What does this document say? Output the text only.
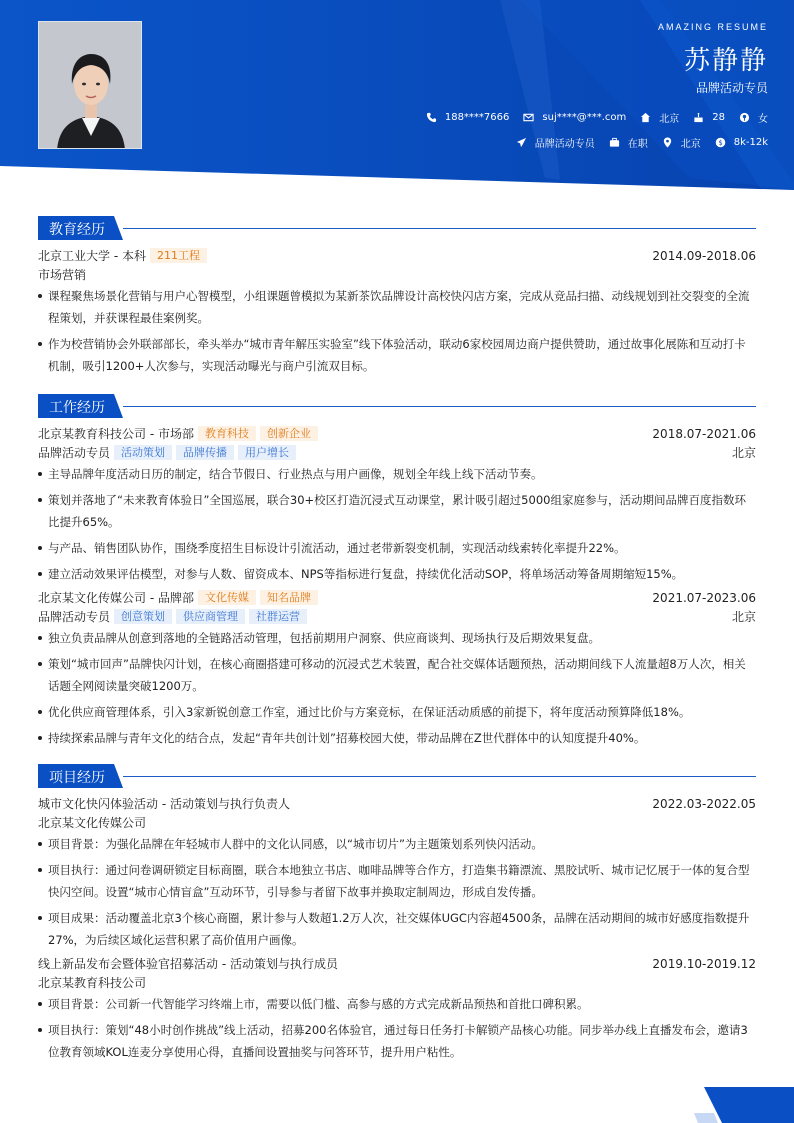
AMAZING RESUME
苏静静
品牌活动专员
188****7666	suj****@***.com	北京	28	女
品牌活动专员	在职	北京 $ 8k-12k
教育经历
北京工业大学 - 本科 211工程	2014.09-2018.06
市场营销
课程聚焦场景化营销与用户心智模型，小组课题曾模拟为某新茶饮品牌设计高校快闪店方案，完成从竞品扫描、动线规划到社交裂变的全流程策划，并获课程最佳案例奖。
作为校营销协会外联部部长，牵头举办“城市青年解压实验室”线下体验活动，联动6家校园周边商户提供赞助，通过故事化展陈和互动打卡机制，吸引1200+人次参与，实现活动曝光与商户引流双目标。
工作经历
北京某教育科技公司 - 市场部 教育科技 创新企业	2018.07-2021.06
品牌活动专员 活动策划 品牌传播 用户增长	北京
主导品牌年度活动日历的制定，结合节假日、行业热点与用户画像，规划全年线上线下活动节奏。
策划并落地了“未来教育体验日”全国巡展，联合30+校区打造沉浸式互动课堂，累计吸引超过5000组家庭参与，活动期间品牌百度指数环比提升65%。
与产品、销售团队协作，围绕季度招生目标设计引流活动，通过老带新裂变机制，实现活动线索转化率提升22%。
建立活动效果评估模型，对参与人数、留资成本、NPS等指标进行复盘，持续优化活动SOP，将单场活动筹备周期缩短15%。
北京某文化传媒公司 - 品牌部 文化传媒 知名品牌	2021.07-2023.06
品牌活动专员 创意策划 供应商管理 社群运营	北京
独立负责品牌从创意到落地的全链路活动管理，包括前期用户洞察、供应商谈判、现场执行及后期效果复盘。
策划“城市回声”品牌快闪计划，在核心商圈搭建可移动的沉浸式艺术装置，配合社交媒体话题预热，活动期间线下人流量超8万人次，相关话题全网阅读量突破1200万。
优化供应商管理体系，引入3家新锐创意工作室，通过比价与方案竞标，在保证活动质感的前提下，将年度活动预算降低18%。
持续探索品牌与青年文化的结合点，发起“青年共创计划”招募校园大使，带动品牌在Z世代群体中的认知度提升40%。
项目经历
城市文化快闪体验活动 - 活动策划与执行负责人	2022.03-2022.05
北京某文化传媒公司
项目背景：为强化品牌在年轻城市人群中的文化认同感，以“城市切片”为主题策划系列快闪活动。
项目执行：通过问卷调研锁定目标商圈，联合本地独立书店、咖啡品牌等合作方，打造集书籍漂流、黑胶试听、城市记忆展于一体的复合型快闪空间。设置“城市心情盲盒”互动环节，引导参与者留下故事并换取定制周边，形成自发传播。
项目成果：活动覆盖北京3个核心商圈，累计参与人数超1.2万人次，社交媒体UGC内容超4500条，品牌在活动期间的城市好感度指数提升27%，为后续区域化运营积累了高价值用户画像。
线上新品发布会暨体验官招募活动 - 活动策划与执行成员	2019.10-2019.12
北京某教育科技公司
项目背景：公司新一代智能学习终端上市，需要以低门槛、高参与感的方式完成新品预热和首批口碑积累。
项目执行：策划“48小时创作挑战”线上活动，招募200名体验官，通过每日任务打卡解锁产品核心功能。同步举办线上直播发布会，邀请3位教育领域KOL连麦分享使用心得，直播间设置抽奖与问答环节，提升用户粘性。
